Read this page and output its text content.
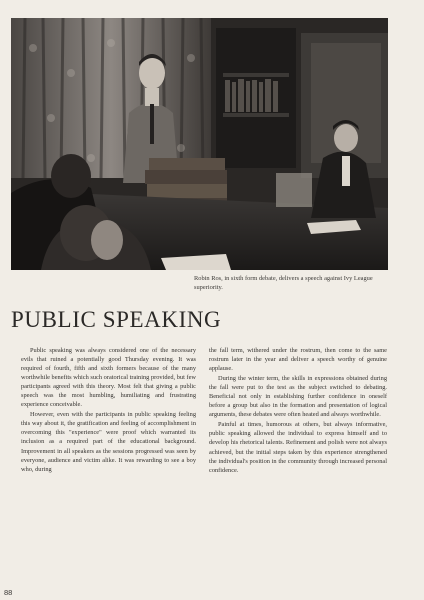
Robin Ros, in sixth form debate, delivers a speech against Ivy League superiority.
PUBLIC SPEAKING

Public speaking was always considered one of the necessary evils that ruined a potentially good Thursday evening. It was required of fourth, fifth and sixth formers because of the many worthwhile benefits which such oratorical training provided, but few participants agreed with this theory. Most felt that giving a public speech was the most humbling, humiliating and frustrating experience conceivable.

However, even with the participants in public speaking feeling this way about it, the gratification and feeling of accomplishment in overcoming this "experience" were proof which warranted its inclusion as a required part of the educational background. Improvement in all speakers as the sessions progressed was seen by everyone, audience and victim alike. It was rewarding to see a boy who, during

the fall term, withered under the rostrum, then come to the same rostrum later in the year and deliver a speech worthy of genuine applause.

During the winter term, the skills in expressions obtained during the fall were put to the test as the subject switched to debating. Beneficial not only in establishing further confidence in oneself before a group but also in the formation and presentation of logical arguments, these debates were often heated and always worthwhile.

Painful at times, humorous at others, but always informative, public speaking allowed the individual to express himself and to develop his rhetorical talents. Refinement and polish were not always achieved, but the initial steps taken by this experience strengthened the individual's position in the community through increased personal confidence.

88
